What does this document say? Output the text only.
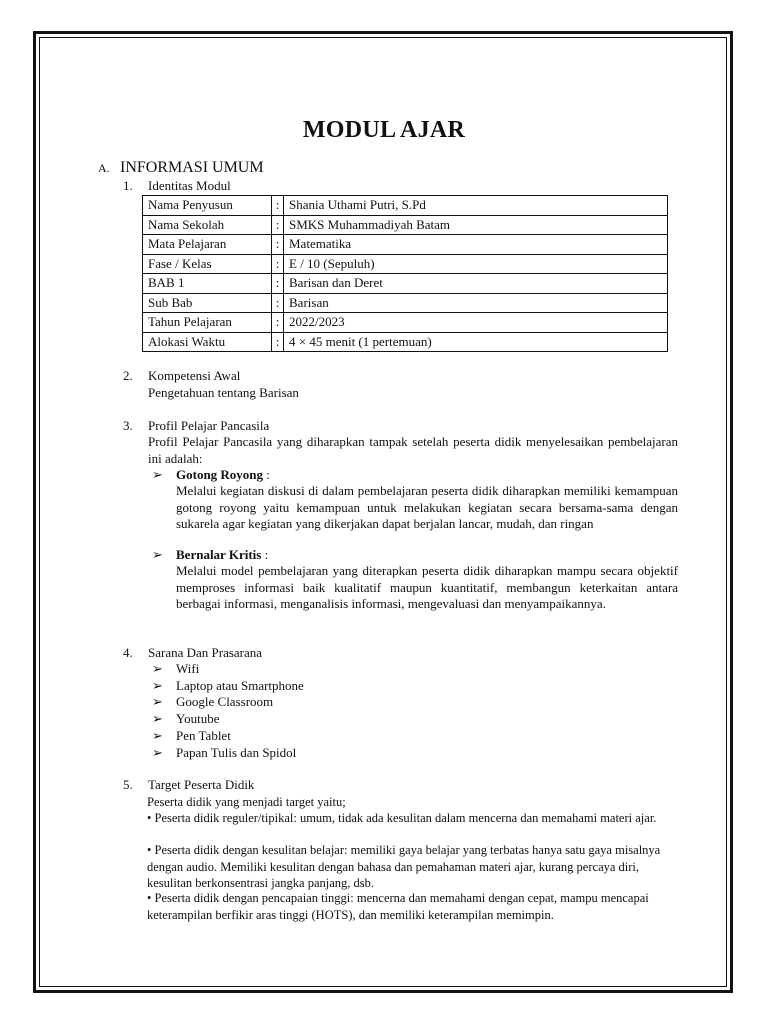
MODUL AJAR
A. INFORMASI UMUM
1. Identitas Modul
Nama Penyusun	:	Shania Uthami Putri, S.Pd
Nama Sekolah	:	SMKS Muhammadiyah Batam
Mata Pelajaran	:	Matematika
Fase / Kelas	:	E / 10 (Sepuluh)
BAB 1	:	Barisan dan Deret
Sub Bab	:	Barisan
Tahun Pelajaran	:	2022/2023
Alokasi Waktu	:	4 × 45 menit (1 pertemuan)
2. Kompetensi Awal
Pengetahuan tentang Barisan
3. Profil Pelajar Pancasila
Profil Pelajar Pancasila yang diharapkan tampak setelah peserta didik menyelesaikan pembelajaran ini adalah:
➢ Gotong Royong :
Melalui kegiatan diskusi di dalam pembelajaran peserta didik diharapkan memiliki kemampuan gotong royong yaitu kemampuan untuk melakukan kegiatan secara bersama-sama dengan sukarela agar kegiatan yang dikerjakan dapat berjalan lancar, mudah, dan ringan
➢ Bernalar Kritis :
Melalui model pembelajaran yang diterapkan peserta didik diharapkan mampu secara objektif memproses informasi baik kualitatif maupun kuantitatif, membangun keterkaitan antara berbagai informasi, menganalisis informasi, mengevaluasi dan menyampaikannya.
4. Sarana Dan Prasarana
➢ Wifi
➢ Laptop atau Smartphone
➢ Google Classroom
➢ Youtube
➢ Pen Tablet
➢ Papan Tulis dan Spidol
5. Target Peserta Didik
Peserta didik yang menjadi target yaitu;
• Peserta didik reguler/tipikal: umum, tidak ada kesulitan dalam mencerna dan memahami materi ajar.
• Peserta didik dengan kesulitan belajar: memiliki gaya belajar yang terbatas hanya satu gaya misalnya dengan audio. Memiliki kesulitan dengan bahasa dan pemahaman materi ajar, kurang percaya diri, kesulitan berkonsentrasi jangka panjang, dsb.
• Peserta didik dengan pencapaian tinggi: mencerna dan memahami dengan cepat, mampu mencapai keterampilan berfikir aras tinggi (HOTS), dan memiliki keterampilan memimpin.
